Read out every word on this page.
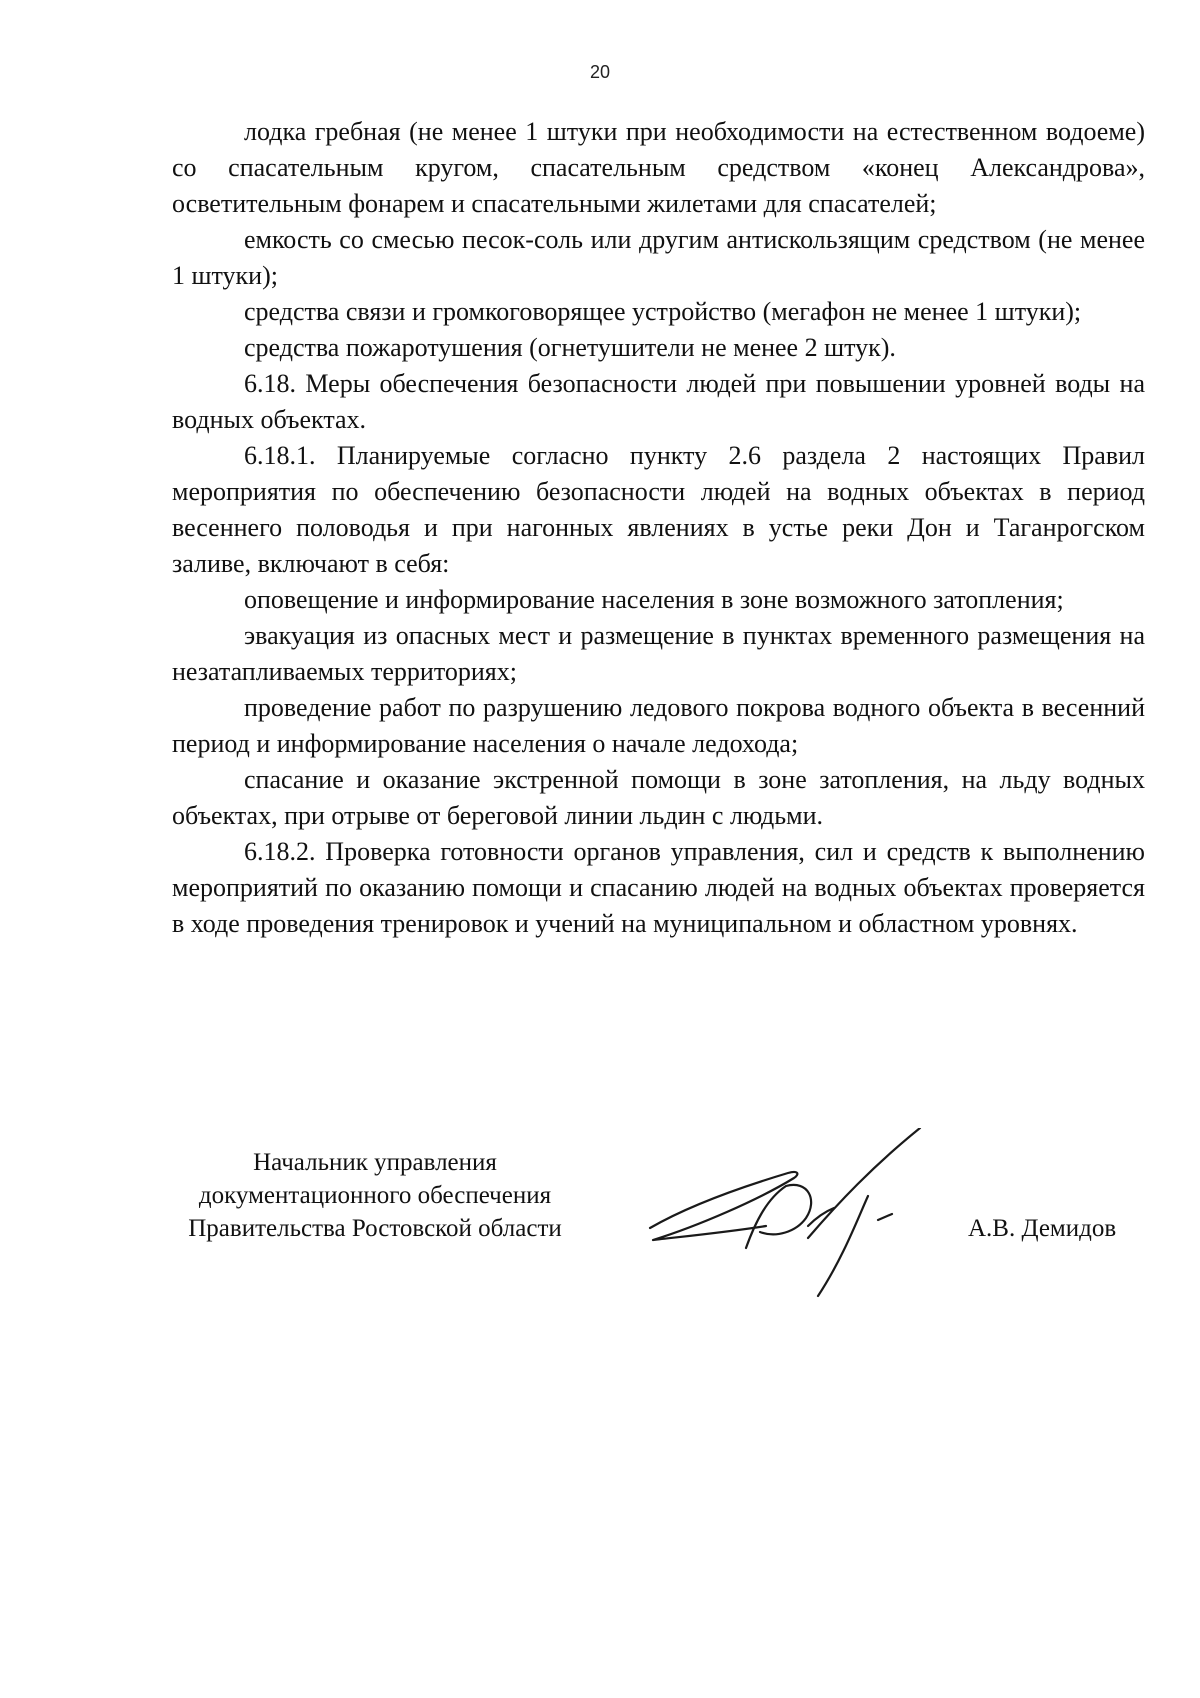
20

лодка гребная (не менее 1 штуки при необходимости на естественном водоеме) со спасательным кругом, спасательным средством «конец Александрова», осветительным фонарем и спасательными жилетами для спасателей;

емкость со смесью песок-соль или другим антискользящим средством (не менее 1 штуки);

средства связи и громкоговорящее устройство (мегафон не менее 1 штуки);

средства пожаротушения (огнетушители не менее 2 штук).

6.18. Меры обеспечения безопасности людей при повышении уровней воды на водных объектах.

6.18.1. Планируемые согласно пункту 2.6 раздела 2 настоящих Правил мероприятия по обеспечению безопасности людей на водных объектах в период весеннего половодья и при нагонных явлениях в устье реки Дон и Таганрогском заливе, включают в себя:

оповещение и информирование населения в зоне возможного затопления;

эвакуация из опасных мест и размещение в пунктах временного размещения на незатапливаемых территориях;

проведение работ по разрушению ледового покрова водного объекта в весенний период и информирование населения о начале ледохода;

спасание и оказание экстренной помощи в зоне затопления, на льду водных объектах, при отрыве от береговой линии льдин с людьми.

6.18.2. Проверка готовности органов управления, сил и средств к выполнению мероприятий по оказанию помощи и спасанию людей на водных объектах проверяется в ходе проведения тренировок и учений на муниципальном и областном уровнях.

Начальник управления
документационного обеспечения
Правительства Ростовской области	А.В. Демидов
